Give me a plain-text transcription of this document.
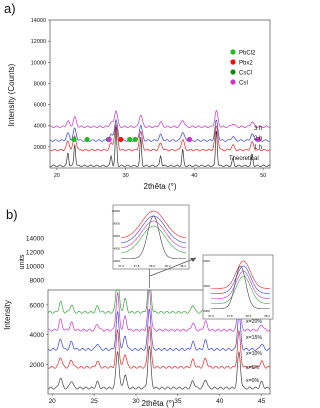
a)
b)
2000
4000
6000
8000
10000
12000
14000
20	30	40	50
Intensity (Counts)
2thêta (°)
PbCl2
Pbx2
CsCl
CsI
3 h
2 h
1 h
Theoretical
14000
12000
10000
8000
2000
4000
6000
20	25	30	35	40	45
Intensity
units
2thêta (°)
x=20%
x=15%
x=10%
x=5%
x=0%
10000
8000
6000
4000
2000
37.6	37.8	38.0	38.2	38.4
6000
4000
2000
37.6	37.8	38.0	38.2
